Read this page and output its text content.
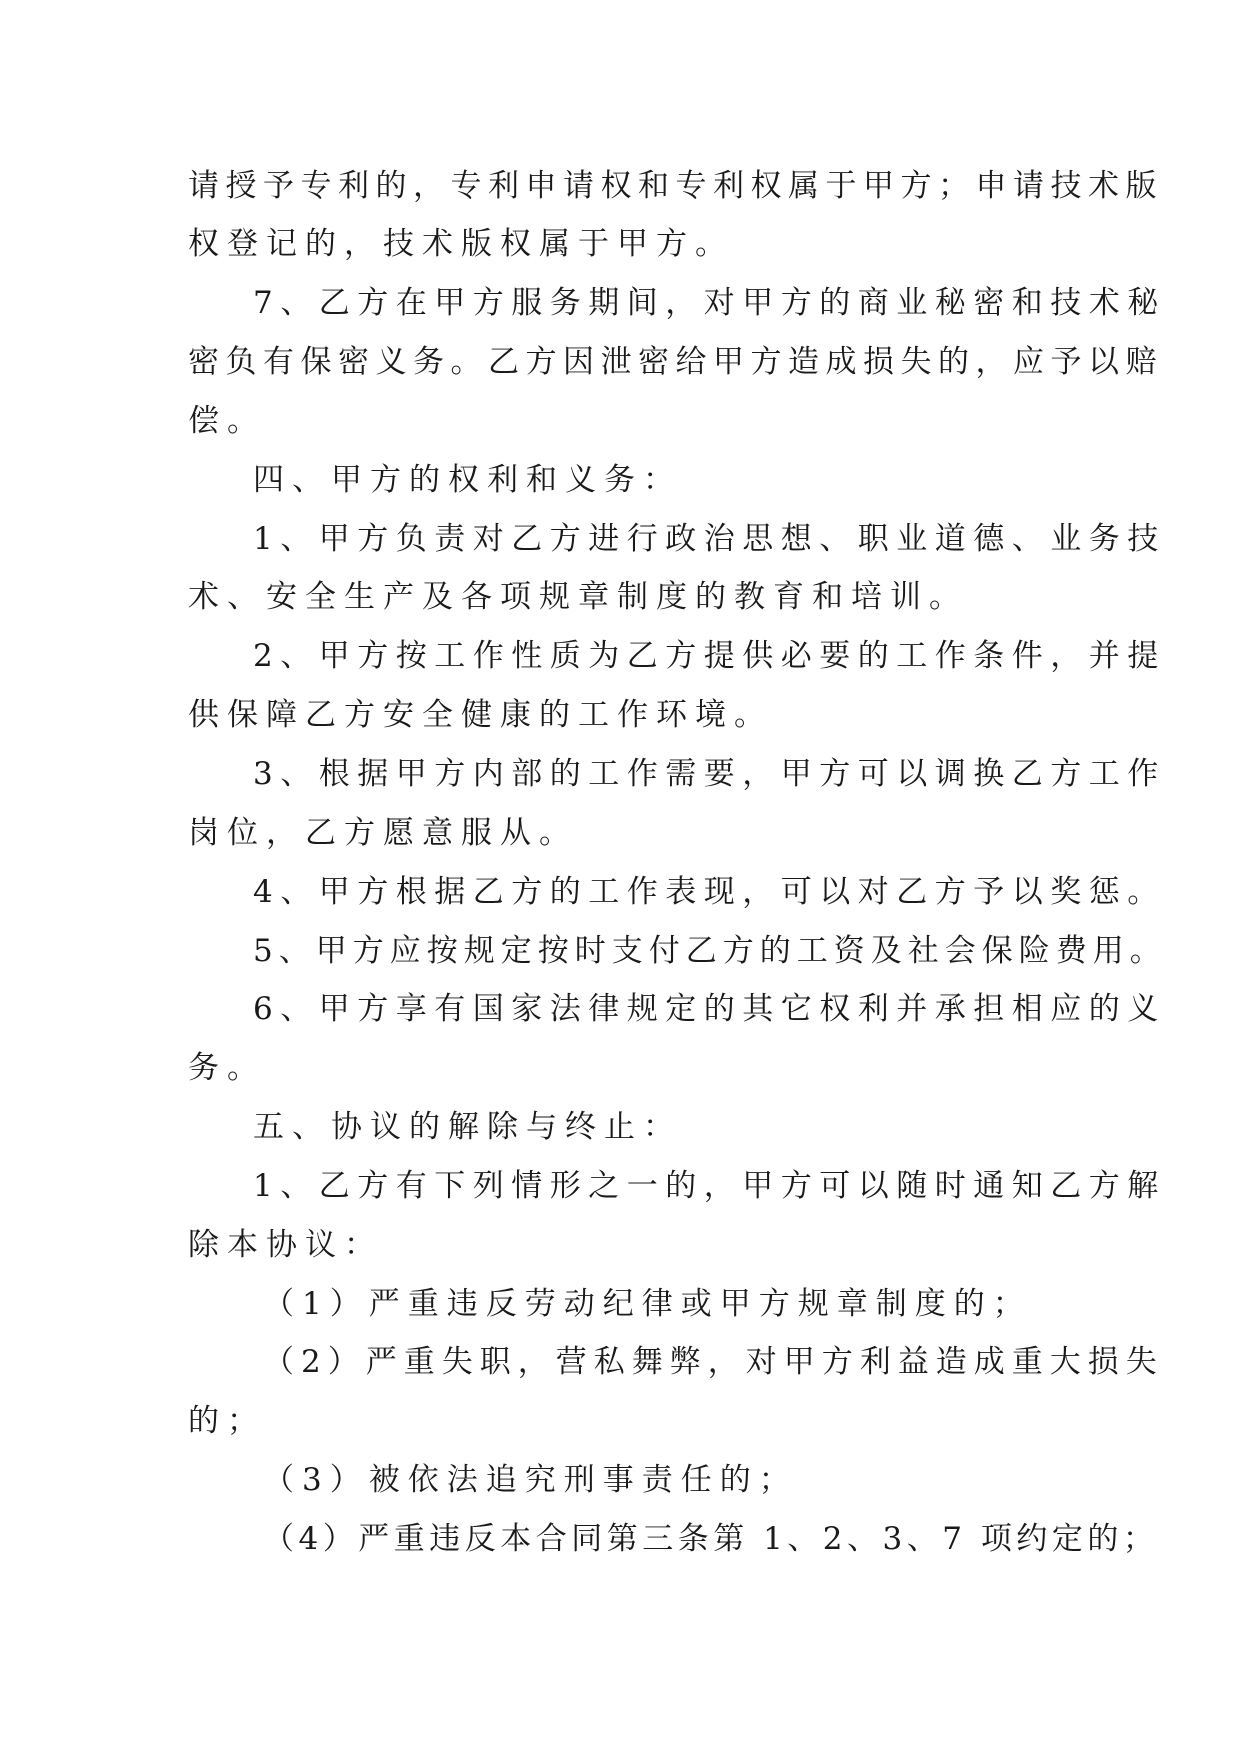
请授予专利的，专利申请权和专利权属于甲方；申请技术版

权登记的，技术版权属于甲方。

7、乙方在甲方服务期间，对甲方的商业秘密和技术秘

密负有保密义务。乙方因泄密给甲方造成损失的，应予以赔

偿。

四、甲方的权利和义务：

1、甲方负责对乙方进行政治思想、职业道德、业务技

术、安全生产及各项规章制度的教育和培训。

2、甲方按工作性质为乙方提供必要的工作条件，并提

供保障乙方安全健康的工作环境。

3、根据甲方内部的工作需要，甲方可以调换乙方工作

岗位，乙方愿意服从。

4、甲方根据乙方的工作表现，可以对乙方予以奖惩。

5、甲方应按规定按时支付乙方的工资及社会保险费用。

6、甲方享有国家法律规定的其它权利并承担相应的义

务。

五、协议的解除与终止：

1、乙方有下列情形之一的，甲方可以随时通知乙方解

除本协议：

（1）严重违反劳动纪律或甲方规章制度的；

（2）严重失职，营私舞弊，对甲方利益造成重大损失

的；

（3）被依法追究刑事责任的；

（4）严重违反本合同第三条第 1、2、3、7 项约定的；
